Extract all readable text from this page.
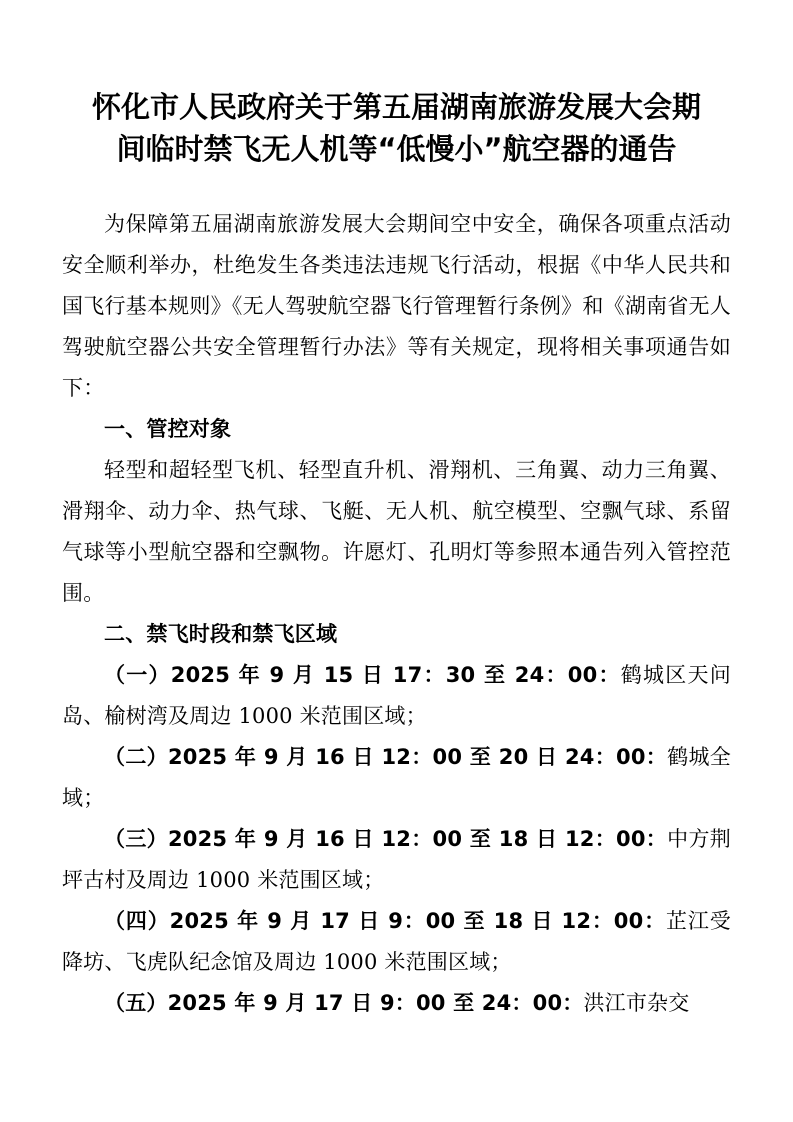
怀化市人民政府关于第五届湖南旅游发展大会期间临时禁飞无人机等“低慢小”航空器的通告

为保障第五届湖南旅游发展大会期间空中安全，确保各项重点活动安全顺利举办，杜绝发生各类违法违规飞行活动，根据《中华人民共和国飞行基本规则》《无人驾驶航空器飞行管理暂行条例》和《湖南省无人驾驶航空器公共安全管理暂行办法》等有关规定，现将相关事项通告如下：

一、管控对象

轻型和超轻型飞机、轻型直升机、滑翔机、三角翼、动力三角翼、滑翔伞、动力伞、热气球、飞艇、无人机、航空模型、空飘气球、系留气球等小型航空器和空飘物。许愿灯、孔明灯等参照本通告列入管控范围。

二、禁飞时段和禁飞区域

（一）2025 年 9 月 15 日 17：30 至 24：00：鹤城区天问岛、榆树湾及周边 1000 米范围区域；

（二）2025 年 9 月 16 日 12：00 至 20 日 24：00：鹤城全域；

（三）2025 年 9 月 16 日 12：00 至 18 日 12：00：中方荆坪古村及周边 1000 米范围区域；

（四）2025 年 9 月 17 日 9：00 至 18 日 12：00：芷江受降坊、飞虎队纪念馆及周边 1000 米范围区域；

（五）2025 年 9 月 17 日 9：00 至 24：00：洪江市杂交
